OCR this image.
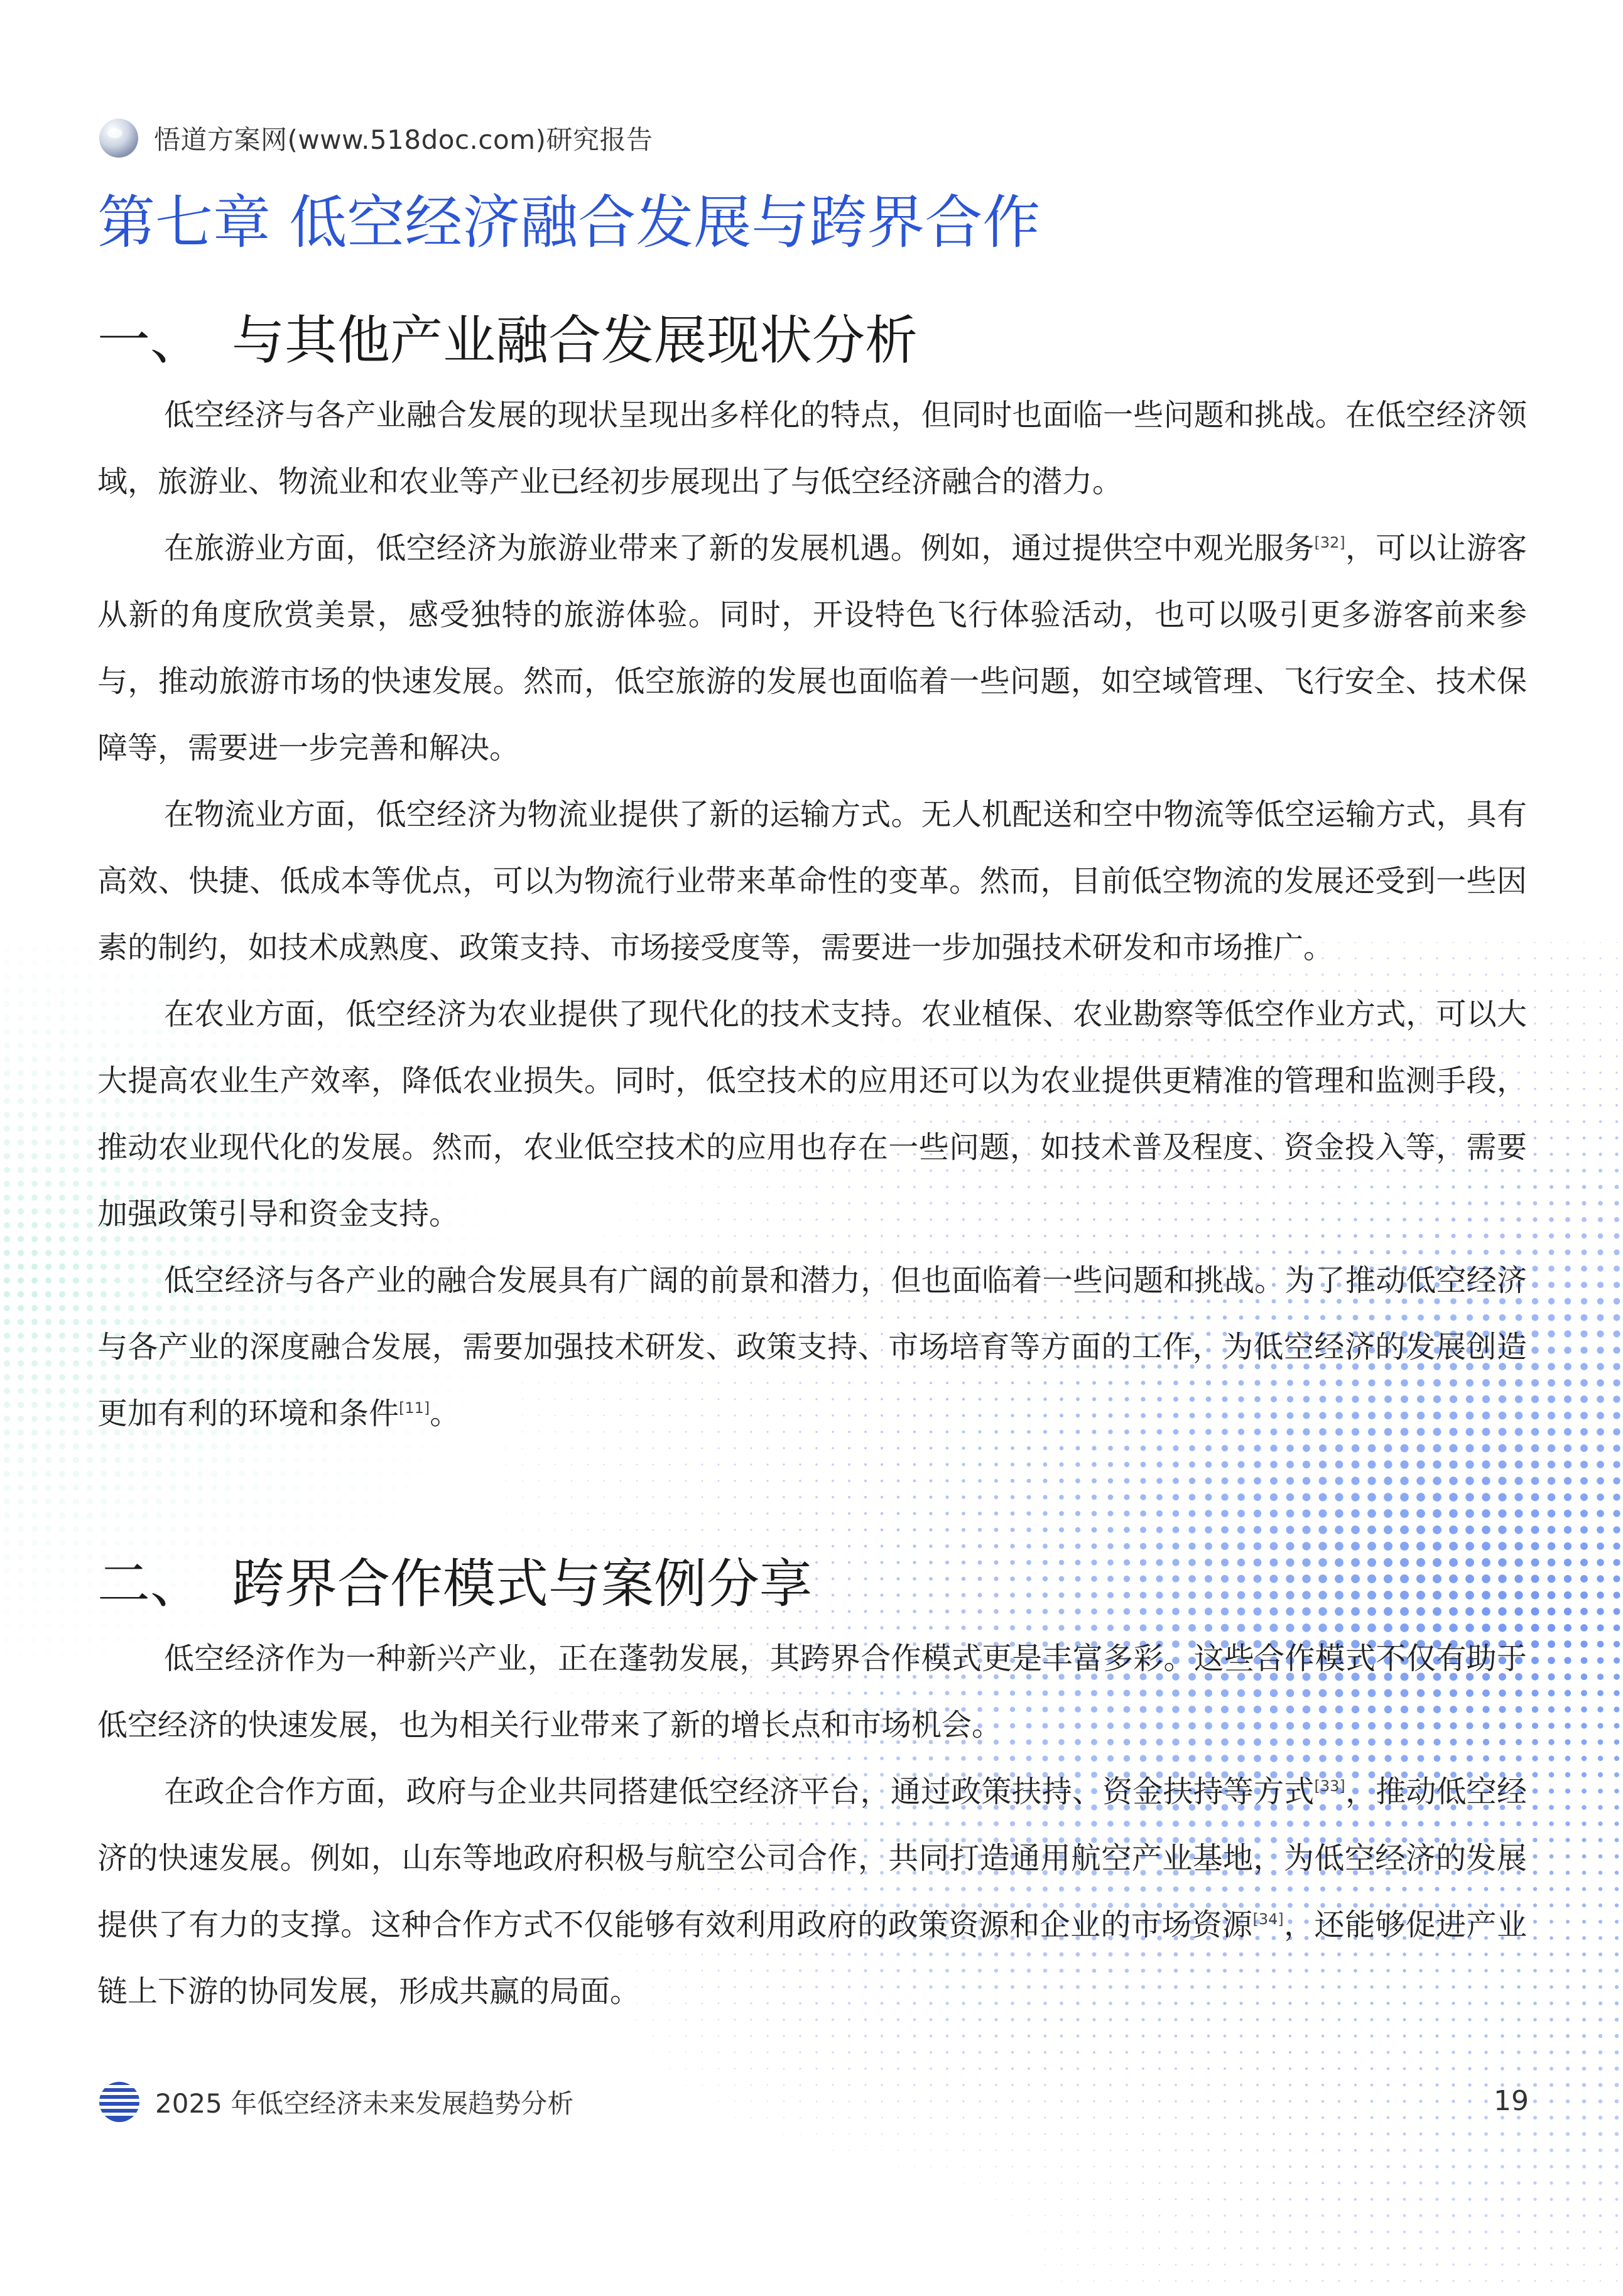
悟道方案网(www.518doc.com)研究报告
第七章 低空经济融合发展与跨界合作
一、 与其他产业融合发展现状分析

低空经济与各产业融合发展的现状呈现出多样化的特点，但同时也面临一些问题和挑战。在低空经济领域，旅游业、物流业和农业等产业已经初步展现出了与低空经济融合的潜力。

在旅游业方面，低空经济为旅游业带来了新的发展机遇。例如，通过提供空中观光服务[32]，可以让游客从新的角度欣赏美景，感受独特的旅游体验。同时，开设特色飞行体验活动，也可以吸引更多游客前来参与，推动旅游市场的快速发展。然而，低空旅游的发展也面临着一些问题，如空域管理、飞行安全、技术保障等，需要进一步完善和解决。

在物流业方面，低空经济为物流业提供了新的运输方式。无人机配送和空中物流等低空运输方式，具有高效、快捷、低成本等优点，可以为物流行业带来革命性的变革。然而，目前低空物流的发展还受到一些因素的制约，如技术成熟度、政策支持、市场接受度等，需要进一步加强技术研发和市场推广。

在农业方面，低空经济为农业提供了现代化的技术支持。农业植保、农业勘察等低空作业方式，可以大大提高农业生产效率，降低农业损失。同时，低空技术的应用还可以为农业提供更精准的管理和监测手段，推动农业现代化的发展。然而，农业低空技术的应用也存在一些问题，如技术普及程度、资金投入等，需要加强政策引导和资金支持。

低空经济与各产业的融合发展具有广阔的前景和潜力，但也面临着一些问题和挑战。为了推动低空经济与各产业的深度融合发展，需要加强技术研发、政策支持、市场培育等方面的工作，为低空经济的发展创造更加有利的环境和条件[11]。

二、 跨界合作模式与案例分享

低空经济作为一种新兴产业，正在蓬勃发展，其跨界合作模式更是丰富多彩。这些合作模式不仅有助于低空经济的快速发展，也为相关行业带来了新的增长点和市场机会。

在政企合作方面，政府与企业共同搭建低空经济平台，通过政策扶持、资金扶持等方式[33]，推动低空经济的快速发展。例如，山东等地政府积极与航空公司合作，共同打造通用航空产业基地，为低空经济的发展提供了有力的支撑。这种合作方式不仅能够有效利用政府的政策资源和企业的市场资源[34]，还能够促进产业链上下游的协同发展，形成共赢的局面。

2025 年低空经济未来发展趋势分析	19
